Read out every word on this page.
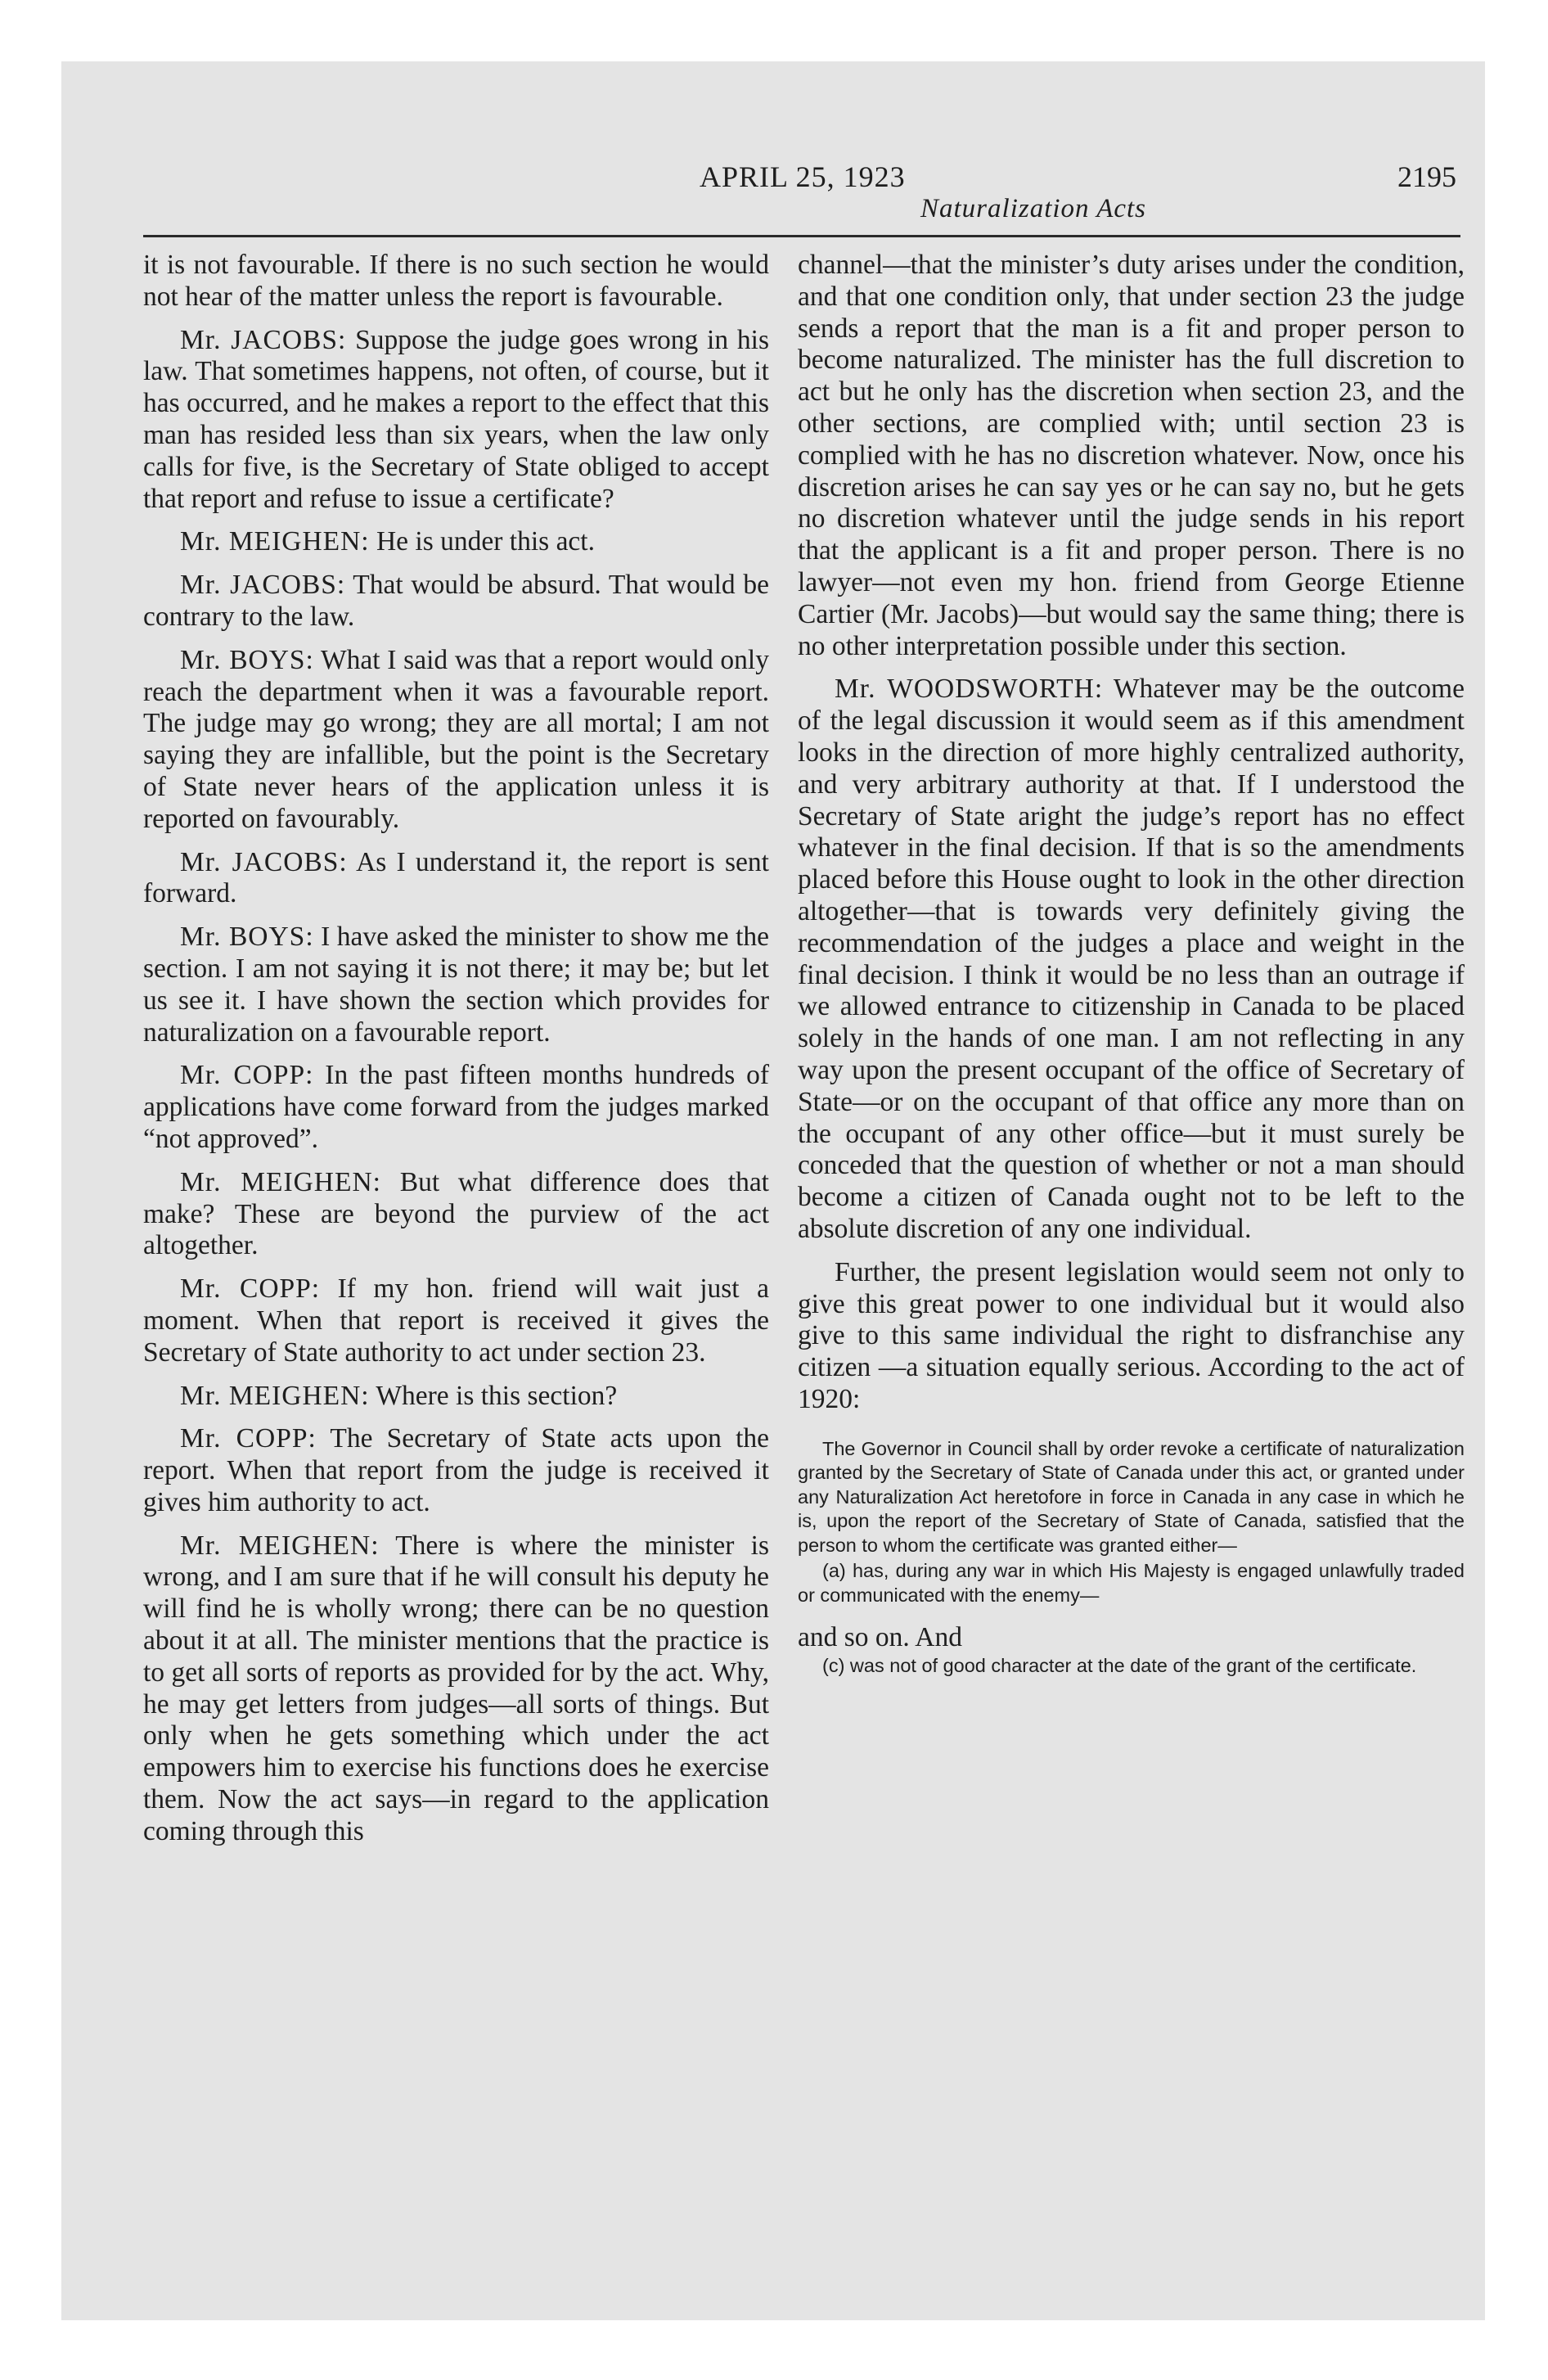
APRIL 25, 1923	2195
Naturalization Acts

it is not favourable. If there is no such section he would not hear of the matter unless the report is favourable.

Mr. JACOBS: Suppose the judge goes wrong in his law. That sometimes happens, not often, of course, but it has occurred, and he makes a report to the effect that this man has resided less than six years, when the law only calls for five, is the Secretary of State obliged to accept that report and refuse to issue a certificate?

Mr. MEIGHEN: He is under this act.

Mr. JACOBS: That would be absurd. That would be contrary to the law.

Mr. BOYS: What I said was that a report would only reach the department when it was a favourable report. The judge may go wrong; they are all mortal; I am not saying they are infallible, but the point is the Secretary of State never hears of the application unless it is reported on favourably.

Mr. JACOBS: As I understand it, the report is sent forward.

Mr. BOYS: I have asked the minister to show me the section. I am not saying it is not there; it may be; but let us see it. I have shown the section which provides for naturalization on a favourable report.

Mr. COPP: In the past fifteen months hundreds of applications have come forward from the judges marked “not approved”.

Mr. MEIGHEN: But what difference does that make? These are beyond the purview of the act altogether.

Mr. COPP: If my hon. friend will wait just a moment. When that report is received it gives the Secretary of State authority to act under section 23.

Mr. MEIGHEN: Where is this section?

Mr. COPP: The Secretary of State acts upon the report. When that report from the judge is received it gives him authority to act.

Mr. MEIGHEN: There is where the minister is wrong, and I am sure that if he will consult his deputy he will find he is wholly wrong; there can be no question about it at all. The minister mentions that the practice is to get all sorts of reports as provided for by the act. Why, he may get letters from judges—all sorts of things. But only when he gets something which under the act empowers him to exercise his functions does he exercise them. Now the act says—in regard to the application coming through this

channel—that the minister’s duty arises under the condition, and that one condition only, that under section 23 the judge sends a report that the man is a fit and proper person to become naturalized. The minister has the full discretion to act but he only has the discretion when section 23, and the other sections, are complied with; until section 23 is complied with he has no discretion whatever. Now, once his discretion arises he can say yes or he can say no, but he gets no discretion whatever until the judge sends in his report that the applicant is a fit and proper person. There is no lawyer—not even my hon. friend from George Etienne Cartier (Mr. Jacobs)—but would say the same thing; there is no other interpretation possible under this section.

Mr. WOODSWORTH: Whatever may be the outcome of the legal discussion it would seem as if this amendment looks in the direction of more highly centralized authority, and very arbitrary authority at that. If I understood the Secretary of State aright the judge’s report has no effect whatever in the final decision. If that is so the amendments placed before this House ought to look in the other direction altogether—that is towards very definitely giving the recommendation of the judges a place and weight in the final decision. I think it would be no less than an outrage if we allowed entrance to citizenship in Canada to be placed solely in the hands of one man. I am not reflecting in any way upon the present occupant of the office of Secretary of State—or on the occupant of that office any more than on the occupant of any other office—but it must surely be conceded that the question of whether or not a man should become a citizen of Canada ought not to be left to the absolute discretion of any one individual.

Further, the present legislation would seem not only to give this great power to one individual but it would also give to this same individual the right to disfranchise any citizen —a situation equally serious. According to the act of 1920:

The Governor in Council shall by order revoke a certificate of naturalization granted by the Secretary of State of Canada under this act, or granted under any Naturalization Act heretofore in force in Canada in any case in which he is, upon the report of the Secretary of State of Canada, satisfied that the person to whom the certificate was granted either—

(a) has, during any war in which His Majesty is engaged unlawfully traded or communicated with the enemy—

and so on. And

(c) was not of good character at the date of the grant of the certificate.
